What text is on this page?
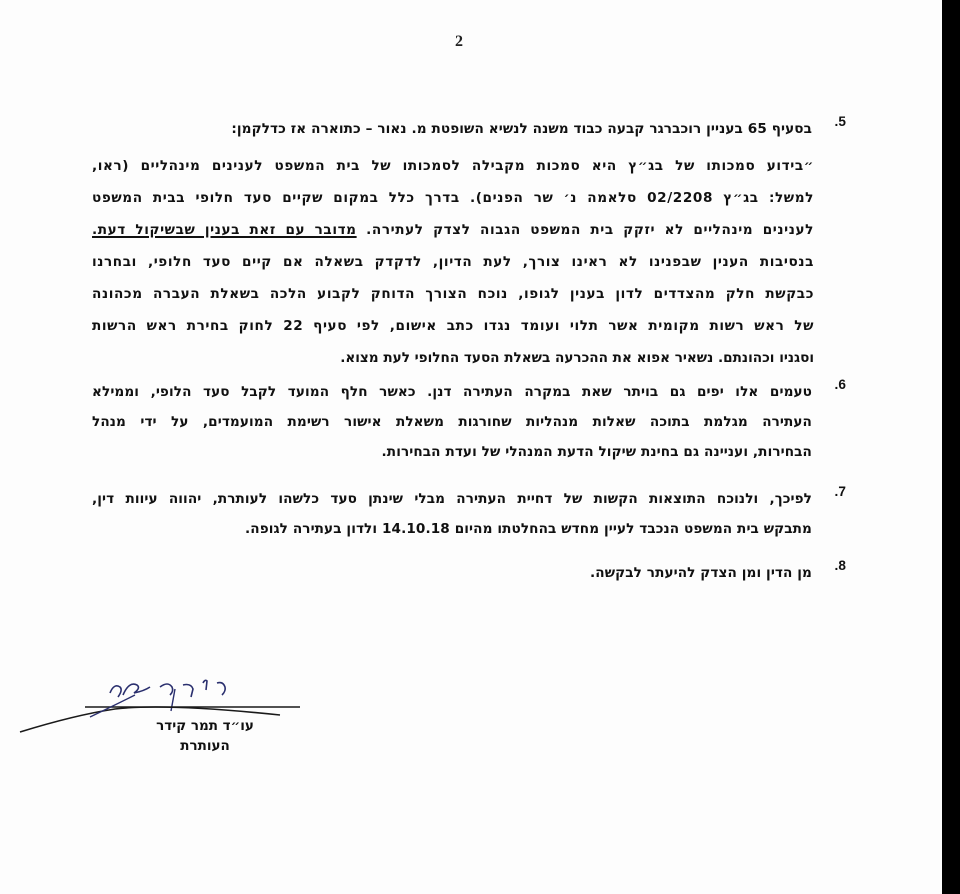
2
5.
בסעיף 65 בעניין רוכברגר קבעה כבוד משנה לנשיא השופטת מ. נאור – כתוארה אז כדלקמן:
״בידוע סמכותו של בג״ץ היא סמכות מקבילה לסמכותו של בית המשפט לענינים מינהליים (ראו,
למשל: בג״ץ 02/2208 סלאמה נ׳ שר הפנים). בדרך כלל במקום שקיים סעד חלופי בבית המשפט
לענינים מינהליים לא יזקק בית המשפט הגבוה לצדק לעתירה. מדובר עם זאת בענין שבשיקול דעת.
בנסיבות הענין שבפנינו לא ראינו צורך, לעת הדיון, לדקדק בשאלה אם קיים סעד חלופי, ובחרנו
כבקשת חלק מהצדדים לדון בענין לגופו, נוכח הצורך הדוחק לקבוע הלכה בשאלת העברה מכהונה
של ראש רשות מקומית אשר תלוי ועומד נגדו כתב אישום, לפי סעיף 22 לחוק בחירת ראש הרשות
וסגניו וכהונתם. נשאיר אפוא את ההכרעה בשאלת הסעד החלופי לעת מצוא.
6.
טעמים אלו יפים גם בויתר שאת במקרה העתירה דנן. כאשר חלף המועד לקבל סעד הלופי, וממילא
העתירה מגלמת בתוכה שאלות מנהליות שחורגות משאלת אישור רשימת המועמדים, על ידי מנהל
הבחירות, ועניינה גם בחינת שיקול הדעת המנהלי של ועדת הבחירות.
7.
לפיכך, ולנוכח התוצאות הקשות של דחיית העתירה מבלי שינתן סעד כלשהו לעותרת, יהווה עיוות דין,
מתבקש בית המשפט הנכבד לעיין מחדש בהחלטתו מהיום 14.10.18 ולדון בעתירה לגופה.
8.
מן הדין ומן הצדק להיעתר לבקשה.
עו״ד תמר קידר
העותרת
